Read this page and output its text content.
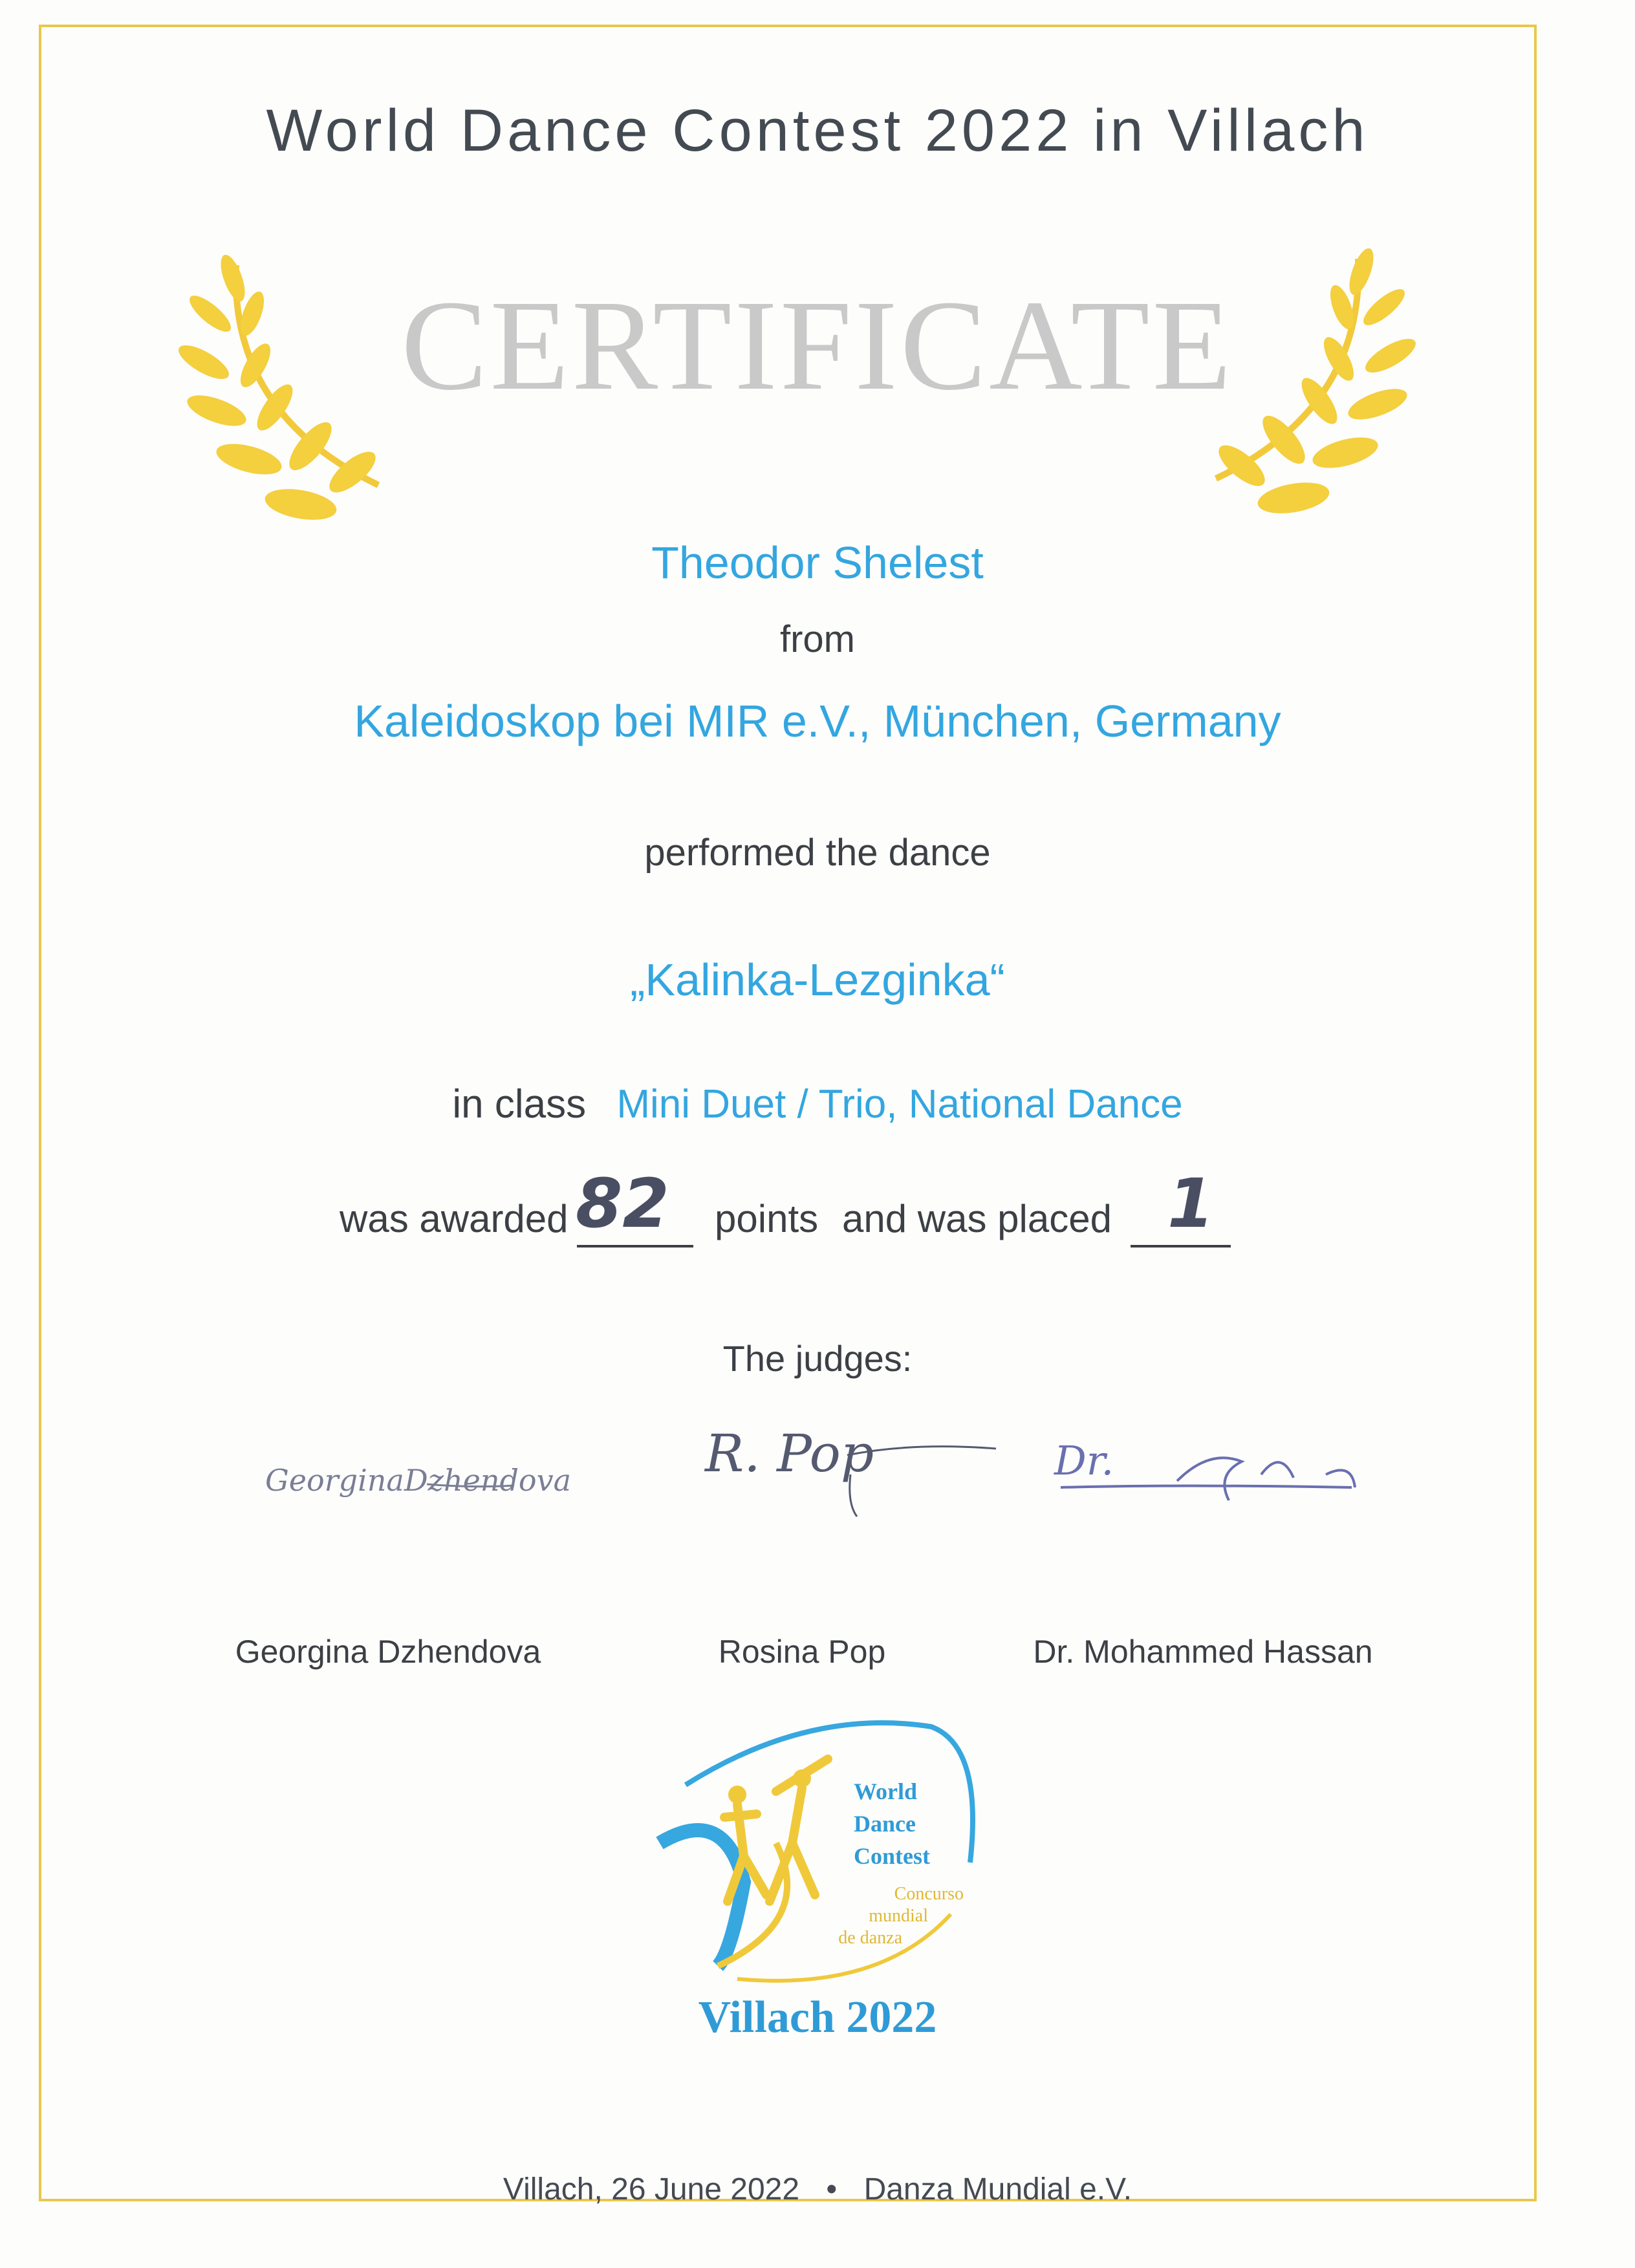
World Dance Contest 2022 in Villach
CERTIFICATE
Theodor Shelest
from
Kaleidoskop bei MIR e.V., München, Germany
performed the dance
„Kalinka-Lezginka“
in class Mini Duet / Trio, National Dance
was awarded 82 points and was placed 1
The judges:
GeorginaDzhendova	R. Pop	Dr.
Georgina Dzhendova	Rosina Pop	Dr. Mohammed Hassan
World
Dance
Contest
Concurso
mundial
de danza
Villach 2022
Villach, 26 June 2022 • Danza Mundial e.V.
